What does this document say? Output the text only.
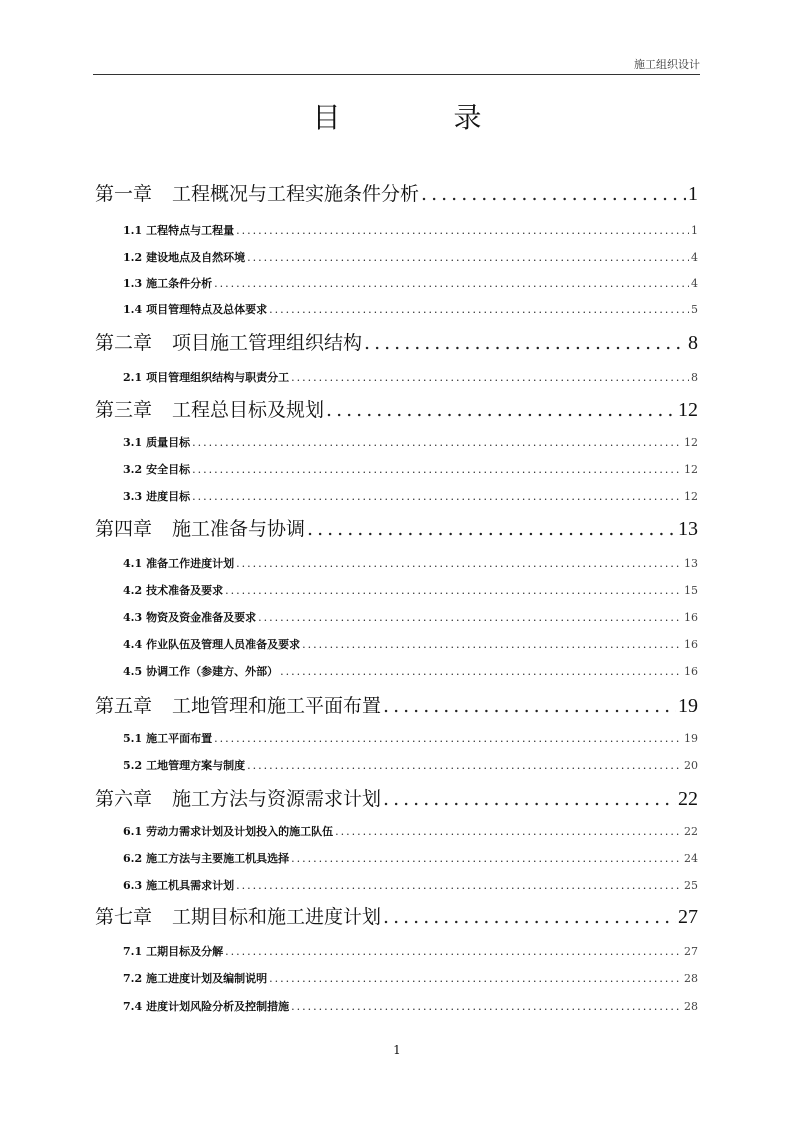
施工组织设计
目 录
第一章 工程概况与工程实施条件分析 .....	1
1.1 工程特点与工程量 .....	1
1.2 建设地点及自然环境 .....	4
1.3 施工条件分析 .....	4
1.4 项目管理特点及总体要求 .....	5
第二章 项目施工管理组织结构 .....	8
2.1 项目管理组织结构与职责分工 .....	8
第三章 工程总目标及规划 .....	12
3.1 质量目标 .....	12
3.2 安全目标 .....	12
3.3 进度目标 .....	12
第四章 施工准备与协调 .....	13
4.1 准备工作进度计划 .....	13
4.2 技术准备及要求 .....	15
4.3 物资及资金准备及要求 .....	16
4.4 作业队伍及管理人员准备及要求 .....	16
4.5 协调工作（参建方、外部） .....	16
第五章 工地管理和施工平面布置 .....	19
5.1 施工平面布置 .....	19
5.2 工地管理方案与制度 .....	20
第六章 施工方法与资源需求计划 .....	22
6.1 劳动力需求计划及计划投入的施工队伍 .....	22
6.2 施工方法与主要施工机具选择 .....	24
6.3 施工机具需求计划 .....	25
第七章 工期目标和施工进度计划 .....	27
7.1 工期目标及分解 .....	27
7.2 施工进度计划及编制说明 .....	28
7.4 进度计划风险分析及控制措施 .....	28
1
